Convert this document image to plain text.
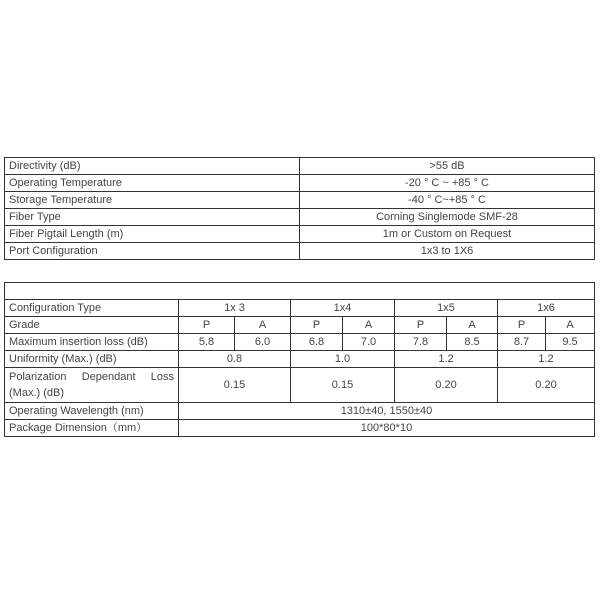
Directivity (dB)	>55 dB
Operating Temperature	-20 ° C ~ +85 ° C
Storage Temperature	-40 ° C~+85 ° C
Fiber Type	Corning Singlemode SMF-28
Fiber Pigtail Length (m)	1m or Custom on Request
Port Configuration	1x3 to 1X6

Configuration Type	1x 3		1x4		1x5		1x6	
Grade	P	A	P	A	P	A	P	A
Maximum insertion loss (dB)	5.8	6.0	6.8	7.0	7.8	8.5	8.7	9.5
Uniformity (Max.) (dB)	0.8		1.0		1.2		1.2	
Polarization Dependant Loss (Max.) (dB)	0.15		0.15		0.20		0.20	
Operating Wavelength (nm)	1310±40, 1550±40							
Package Dimension（mm）	100*80*10							
